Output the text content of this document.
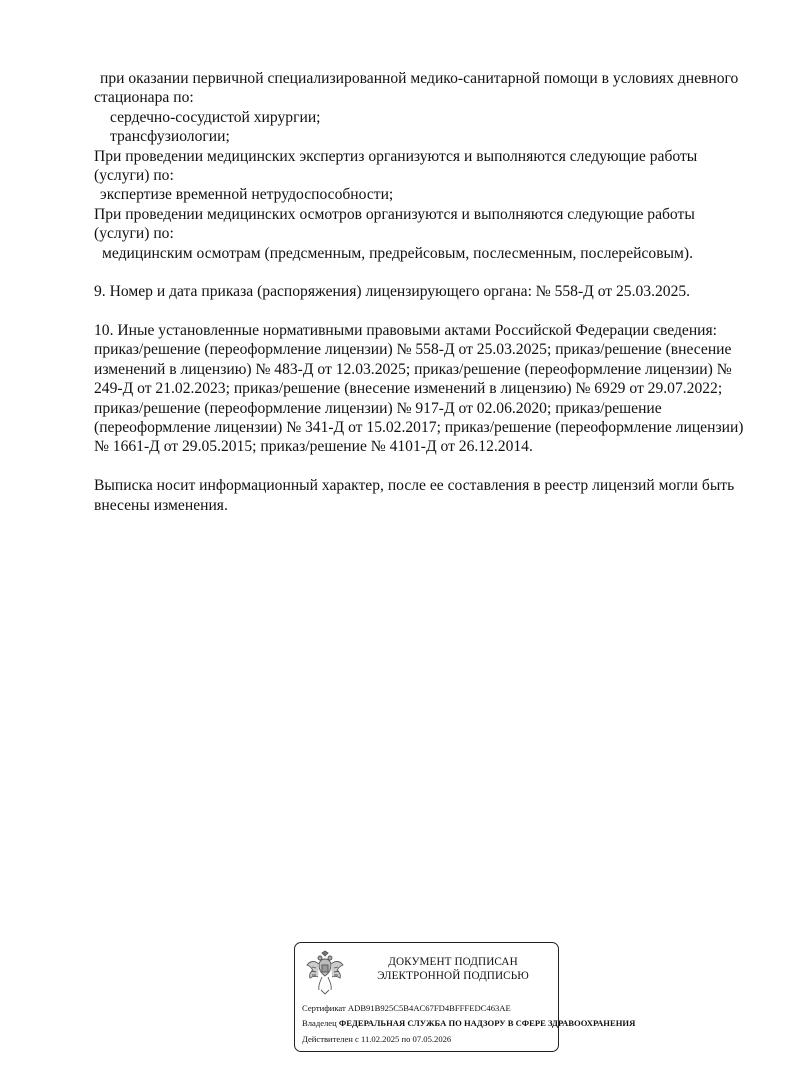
при оказании первичной специализированной медико-санитарной помощи в условиях дневного
стационара по:
сердечно-сосудистой хирургии;
трансфузиологии;
При проведении медицинских экспертиз организуются и выполняются следующие работы
(услуги) по:
экспертизе временной нетрудоспособности;
При проведении медицинских осмотров организуются и выполняются следующие работы
(услуги) по:
медицинским осмотрам (предсменным, предрейсовым, послесменным, послерейсовым).
9. Номер и дата приказа (распоряжения) лицензирующего органа: № 558-Д от 25.03.2025.
10. Иные установленные нормативными правовыми актами Российской Федерации сведения:
приказ/решение (переоформление лицензии) № 558-Д от 25.03.2025; приказ/решение (внесение
изменений в лицензию) № 483-Д от 12.03.2025; приказ/решение (переоформление лицензии) №
249-Д от 21.02.2023; приказ/решение (внесение изменений в лицензию) № 6929 от 29.07.2022;
приказ/решение (переоформление лицензии) № 917-Д от 02.06.2020; приказ/решение
(переоформление лицензии) № 341-Д от 15.02.2017; приказ/решение (переоформление лицензии)
№ 1661-Д от 29.05.2015; приказ/решение № 4101-Д от 26.12.2014.
Выписка носит информационный характер, после ее составления в реестр лицензий могли быть
внесены изменения.
ДОКУМЕНТ ПОДПИСАН
ЭЛЕКТРОННОЙ ПОДПИСЬЮ
Сертификат ADB91B925C5B4AC67FD4BFFFEDC463AE
Владелец ФЕДЕРАЛЬНАЯ СЛУЖБА ПО НАДЗОРУ В СФЕРЕ ЗДРАВООХРАНЕНИЯ
Действителен с 11.02.2025 по 07.05.2026
